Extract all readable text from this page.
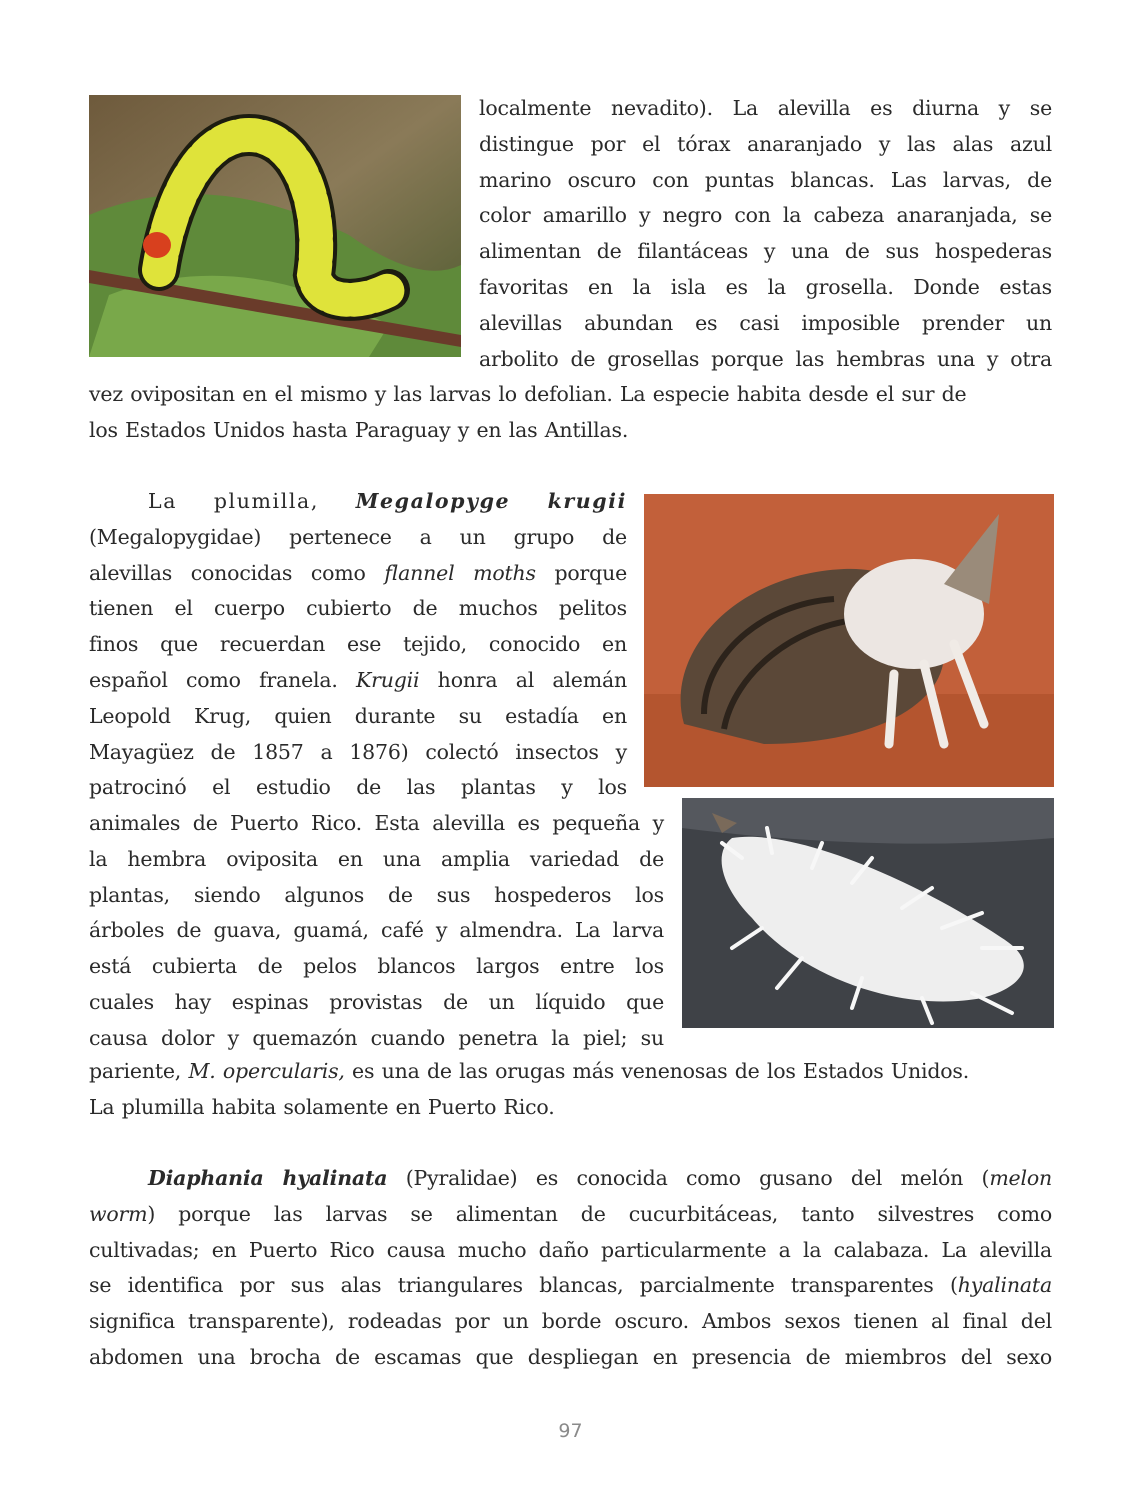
localmente nevadito). La alevilla es diurna y se
distingue por el tórax anaranjado y las alas azul
marino oscuro con puntas blancas. Las larvas, de
color amarillo y negro con la cabeza anaranjada, se
alimentan de filantáceas y una de sus hospederas
favoritas en la isla es la grosella. Donde estas
alevillas abundan es casi imposible prender un
arbolito de grosellas porque las hembras una y otra

vez ovipositan en el mismo y las larvas lo defolian. La especie habita desde el sur de
los Estados Unidos hasta Paraguay y en las Antillas.

La plumilla, Megalopyge krugii
(Megalopygidae) pertenece a un grupo de
alevillas conocidas como flannel moths porque
tienen el cuerpo cubierto de muchos pelitos
finos que recuerdan ese tejido, conocido en
español como franela. Krugii honra al alemán
Leopold Krug, quien durante su estadía en
Mayagüez de 1857 a 1876) colectó insectos y
patrocinó el estudio de las plantas y los

animales de Puerto Rico. Esta alevilla es pequeña y
la hembra oviposita en una amplia variedad de
plantas, siendo algunos de sus hospederos los
árboles de guava, guamá, café y almendra. La larva
está cubierta de pelos blancos largos entre los
cuales hay espinas provistas de un líquido que
causa dolor y quemazón cuando penetra la piel; su

pariente, M. opercularis, es una de las orugas más venenosas de los Estados Unidos.
La plumilla habita solamente en Puerto Rico.

Diaphania hyalinata (Pyralidae) es conocida como gusano del melón (melon
worm) porque las larvas se alimentan de cucurbitáceas, tanto silvestres como
cultivadas; en Puerto Rico causa mucho daño particularmente a la calabaza. La alevilla
se identifica por sus alas triangulares blancas, parcialmente transparentes (hyalinata
significa transparente), rodeadas por un borde oscuro. Ambos sexos tienen al final del
abdomen una brocha de escamas que despliegan en presencia de miembros del sexo

97
